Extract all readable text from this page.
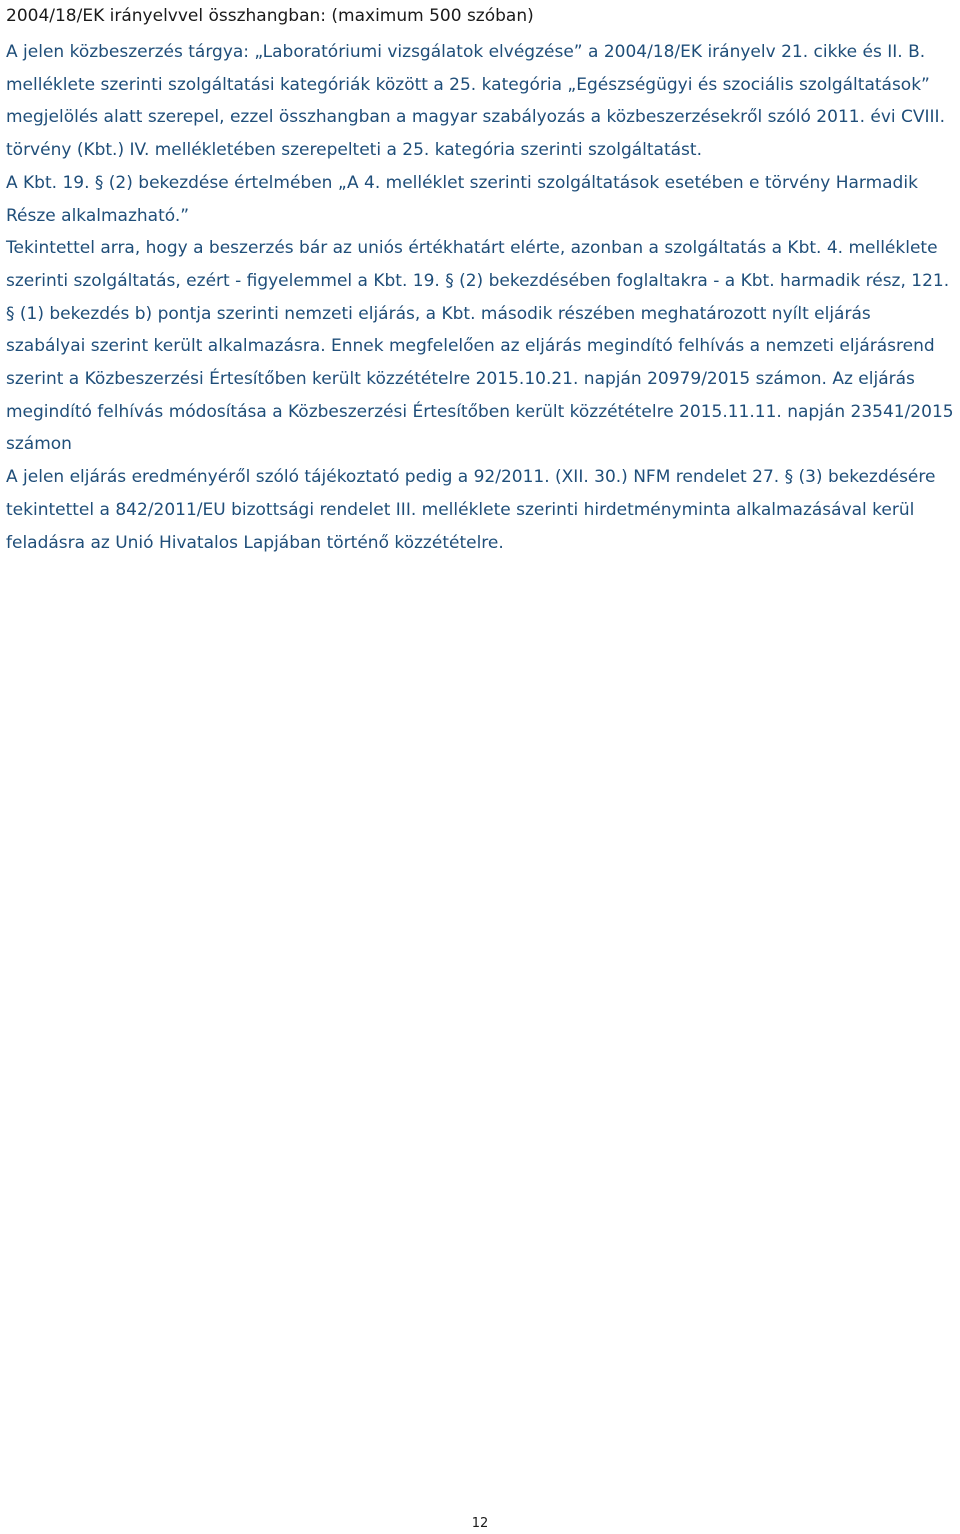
2004/18/EK irányelvvel összhangban: (maximum 500 szóban)

A jelen közbeszerzés tárgya: „Laboratóriumi vizsgálatok elvégzése” a 2004/18/EK irányelv 21. cikke és II. B. melléklete szerinti szolgáltatási kategóriák között a 25. kategória „Egészségügyi és szociális szolgáltatások” megjelölés alatt szerepel, ezzel összhangban a magyar szabályozás a közbeszerzésekről szóló 2011. évi CVIII. törvény (Kbt.) IV. mellékletében szerepelteti a 25. kategória szerinti szolgáltatást.

A Kbt. 19. § (2) bekezdése értelmében „A 4. melléklet szerinti szolgáltatások esetében e törvény Harmadik Része alkalmazható.”

Tekintettel arra, hogy a beszerzés bár az uniós értékhatárt elérte, azonban a szolgáltatás a Kbt. 4. melléklete szerinti szolgáltatás, ezért - figyelemmel a Kbt. 19. § (2) bekezdésében foglaltakra - a Kbt. harmadik rész, 121. § (1) bekezdés b) pontja szerinti nemzeti eljárás, a Kbt. második részében meghatározott nyílt eljárás szabályai szerint került alkalmazásra. Ennek megfelelően az eljárás megindító felhívás a nemzeti eljárásrend szerint a Közbeszerzési Értesítőben került közzétételre 2015.10.21. napján 20979/2015 számon. Az eljárás megindító felhívás módosítása a Közbeszerzési Értesítőben került közzétételre 2015.11.11. napján 23541/2015 számon

A jelen eljárás eredményéről szóló tájékoztató pedig a 92/2011. (XII. 30.) NFM rendelet 27. § (3) bekezdésére tekintettel a 842/2011/EU bizottsági rendelet III. melléklete szerinti hirdetményminta alkalmazásával kerül feladásra az Unió Hivatalos Lapjában történő közzétételre.

12
